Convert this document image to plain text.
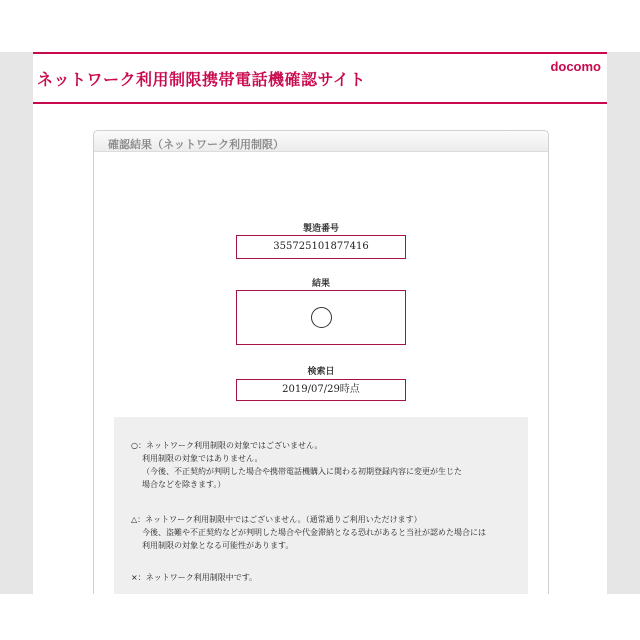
ネットワーク利用制限携帯電話機確認サイト
docomo
確認結果（ネットワーク利用制限）
製造番号
355725101877416
結果
検索日
2019/07/29時点
○：ネットワーク利用制限の対象ではございません。
利用制限の対象ではありません。
（今後、不正契約が判明した場合や携帯電話機購入に関わる初期登録内容に変更が生じた
場合などを除きます。）
△：ネットワーク利用制限中ではございません。（通常通りご利用いただけます）
今後、盗難や不正契約などが判明した場合や代金滞納となる恐れがあると当社が認めた場合には
利用制限の対象となる可能性があります。
×：ネットワーク利用制限中です。
